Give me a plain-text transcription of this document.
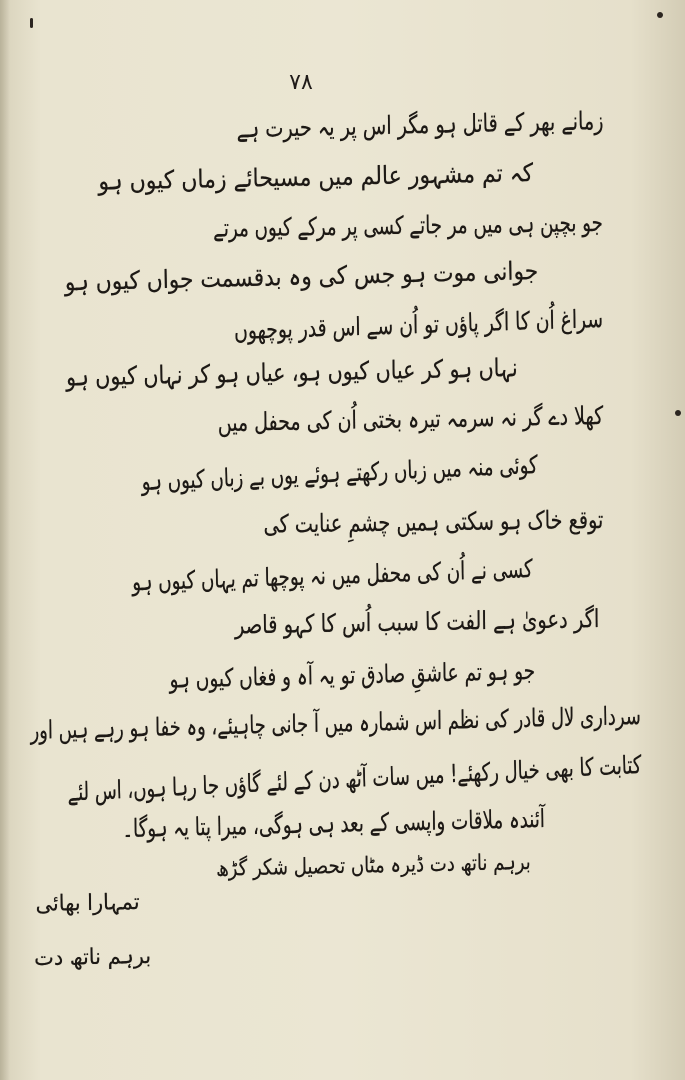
۷۸
زمانے بھر کے قاتل ہو مگر اس پر یہ حیرت ہے
کہ تم مشہور عالم میں مسیحائے زماں کیوں ہو
جو بچپن ہی میں مر جاتے کسی پر مرکے کیوں مرتے
جوانی موت ہو جس کی وہ بدقسمت جواں کیوں ہو
سراغ اُن کا اگر پاؤں تو اُن سے اس قدر پوچھوں
نہاں ہو کر عیاں کیوں ہو، عیاں ہو کر نہاں کیوں ہو
کھلا دے گر نہ سرمہ تیرہ بختی اُن کی محفل میں
کوئی منہ میں زباں رکھتے ہوئے یوں بے زباں کیوں ہو
توقع خاک ہو سکتی ہمیں چشمِ عنایت کی
کسی نے اُن کی محفل میں نہ پوچھا تم یہاں کیوں ہو
اگر دعویٰ ہے الفت کا سبب اُس کا کہو قاصر
جو ہو تم عاشقِ صادق تو یہ آہ و فغاں کیوں ہو
سرداری لال قادر کی نظم اس شمارہ میں آ جانی چاہیئے، وہ خفا ہو رہے ہیں اور
کتابت کا بھی خیال رکھئے! میں سات آٹھ دن کے لئے گاؤں جا رہا ہوں، اس لئے
آئندہ ملاقات واپسی کے بعد ہی ہوگی، میرا پتا یہ ہوگا۔
برہم ناتھ دت ڈیرہ مٹاں تحصیل شکر گڑھ
تمہارا بھائی
برہم ناتھ دت
